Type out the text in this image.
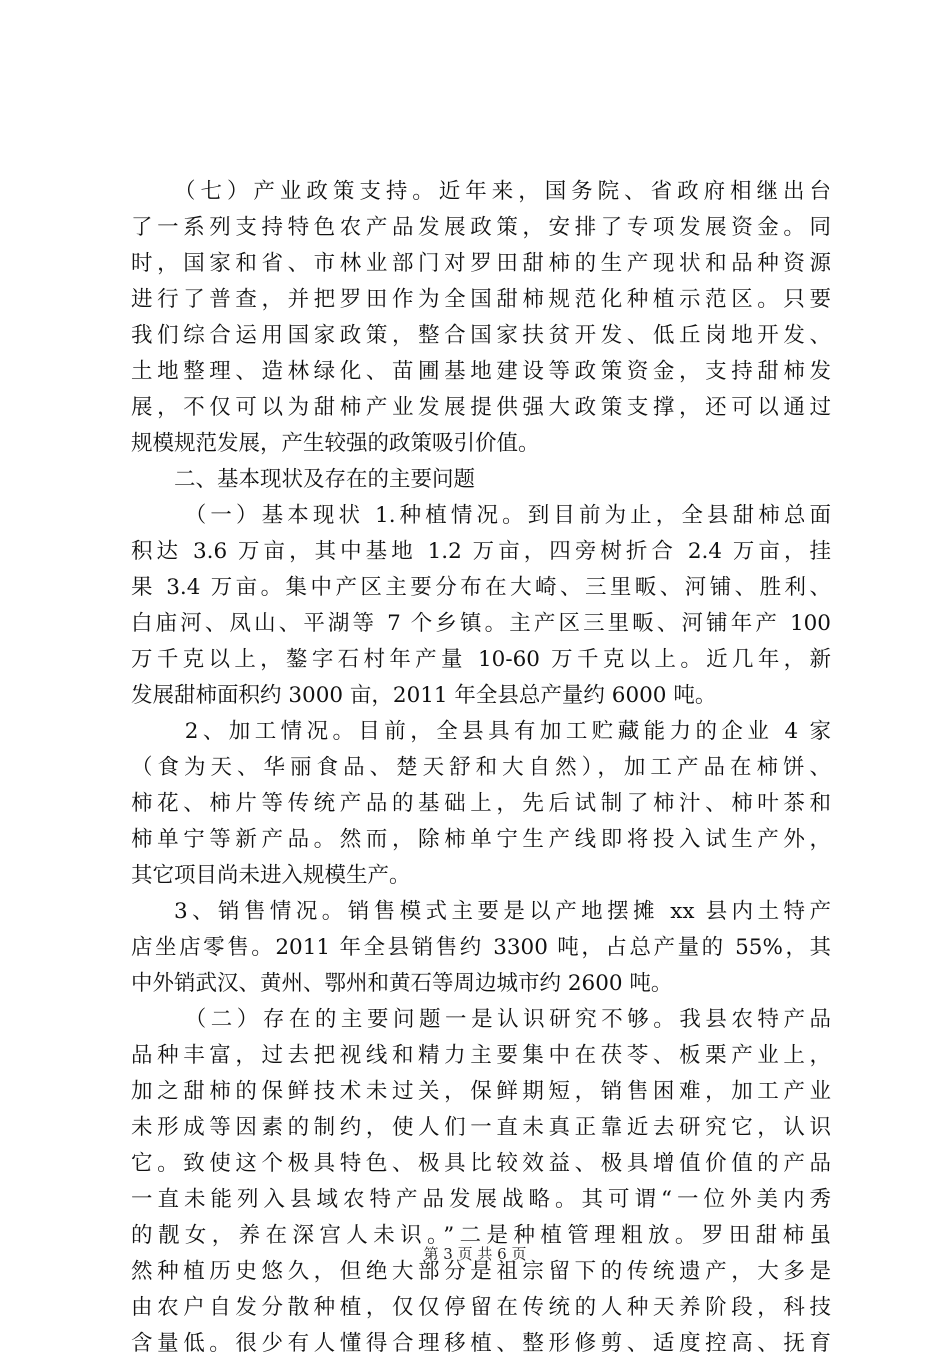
（七）产业政策支持。近年来，国务院、省政府相继出台
了一系列支持特色农产品发展政策，安排了专项发展资金。同
时，国家和省、市林业部门对罗田甜柿的生产现状和品种资源
进行了普查，并把罗田作为全国甜柿规范化种植示范区。只要
我们综合运用国家政策，整合国家扶贫开发、低丘岗地开发、
土地整理、造林绿化、苗圃基地建设等政策资金，支持甜柿发
展，不仅可以为甜柿产业发展提供强大政策支撑，还可以通过
规模规范发展，产生较强的政策吸引价值。
二、基本现状及存在的主要问题
（一）基本现状 1.种植情况。到目前为止，全县甜柿总面
积达 3.6 万亩，其中基地 1.2 万亩，四旁树折合 2.4 万亩，挂
果 3.4 万亩。集中产区主要分布在大崎、三里畈、河铺、胜利、
白庙河、凤山、平湖等 7 个乡镇。主产区三里畈、河铺年产 100
万千克以上，鏊字石村年产量 10-60 万千克以上。近几年，新
发展甜柿面积约 3000 亩，2011 年全县总产量约 6000 吨。
2、加工情况。目前，全县具有加工贮藏能力的企业 4 家
（食为天、华丽食品、楚天舒和大自然），加工产品在柿饼、
柿花、柿片等传统产品的基础上，先后试制了柿汁、柿叶茶和
柿单宁等新产品。然而，除柿单宁生产线即将投入试生产外，
其它项目尚未进入规模生产。
3、销售情况。销售模式主要是以产地摆摊 xx 县内土特产
店坐店零售。2011 年全县销售约 3300 吨，占总产量的 55%，其
中外销武汉、黄州、鄂州和黄石等周边城市约 2600 吨。
（二）存在的主要问题一是认识研究不够。我县农特产品
品种丰富，过去把视线和精力主要集中在茯苓、板栗产业上，
加之甜柿的保鲜技术未过关，保鲜期短，销售困难，加工产业
未形成等因素的制约，使人们一直未真正靠近去研究它，认识
它。致使这个极具特色、极具比较效益、极具增值价值的产品
一直未能列入县域农特产品发展战略。其可谓“一位外美内秀
的靓女，养在深宫人未识。”二是种植管理粗放。罗田甜柿虽
然种植历史悠久，但绝大部分是祖宗留下的传统遗产，大多是
由农户自发分散种植，仅仅停留在传统的人种天养阶段，科技
含量低。很少有人懂得合理移植、整形修剪、适度控高、抚育
第 3 页 共 6 页
